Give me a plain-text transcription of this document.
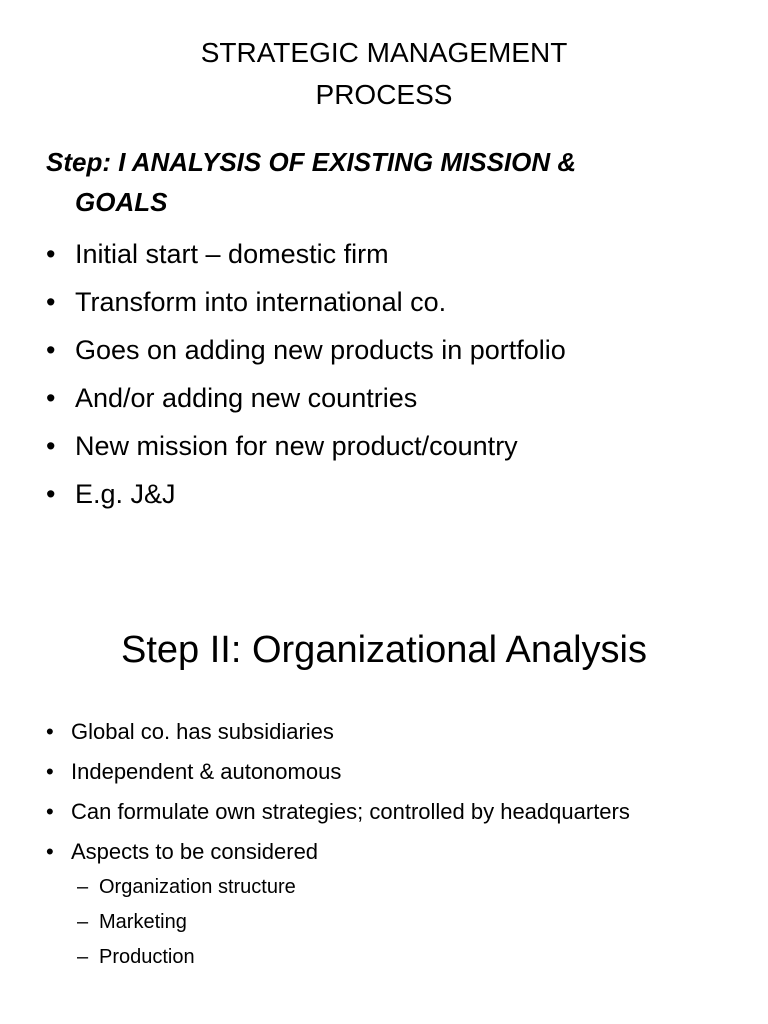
STRATEGIC MANAGEMENT
PROCESS
Step: I ANALYSIS OF EXISTING MISSION &
GOALS
• Initial start – domestic firm
• Transform into international co.
• Goes on adding new products in portfolio
• And/or adding new countries
• New mission for new product/country
• E.g. J&J
Step II: Organizational Analysis
• Global co. has subsidiaries
• Independent & autonomous
• Can formulate own strategies; controlled by headquarters
• Aspects to be considered
– Organization structure
– Marketing
– Production
